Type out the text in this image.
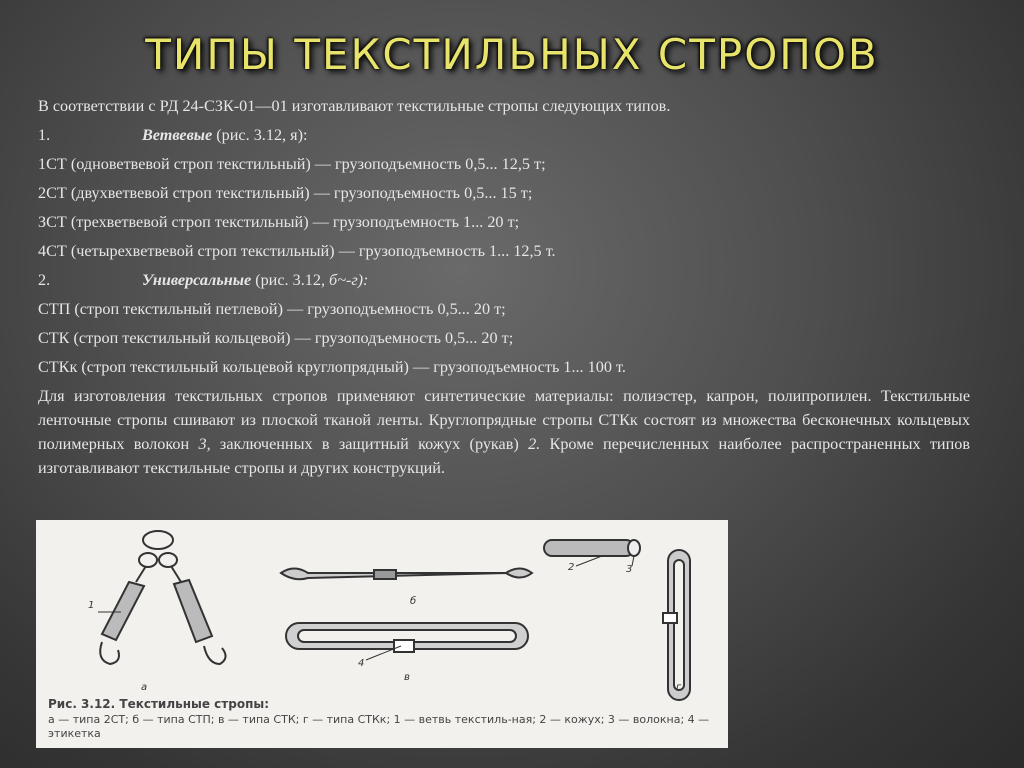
ТИПЫ ТЕКСТИЛЬНЫХ СТРОПОВ

В соответствии с РД 24-СЗК-01—01 изготавливают текстильные стропы следующих типов.

1.	Ветвевые (рис. 3.12, я):

1СТ (одноветвевой строп текстильный) — грузоподъемность 0,5... 12,5 т;

2СТ (двухветвевой строп текстильный) — грузоподъемность 0,5... 15 т;

ЗСТ (трехветвевой строп текстильный) — грузоподъемность 1... 20 т;

4СТ (четырехветвевой строп текстильный) — грузоподъемность 1... 12,5 т.

2.	Универсальные (рис. 3.12, б~-г):

СТП (строп текстильный петлевой) — грузоподъемность 0,5... 20 т;

СТК (строп текстильный кольцевой) — грузоподъемность 0,5... 20 т;

СТКк (строп текстильный кольцевой круглопрядный) — грузоподъемность 1... 100 т.

Для изготовления текстильных стропов применяют синтетические материалы: полиэстер, капрон, полипропилен. Текстильные ленточные стропы сшивают из плоской тканой ленты. Круглопрядные стропы СТКк состоят из множества бесконечных кольцевых полимерных волокон 3, заключенных в защитный кожух (рукав) 2. Кроме перечисленных наиболее распространенных типов изготавливают текстильные стропы и других конструкций.

1
а
б
4
в
2	3
г
Рис. 3.12. Текстильные стропы:
а — типа 2СТ; б — типа СТП; в — типа СТК; г — типа СТКк; 1 — ветвь текстиль-ная; 2 — кожух; 3 — волокна; 4 — этикетка
